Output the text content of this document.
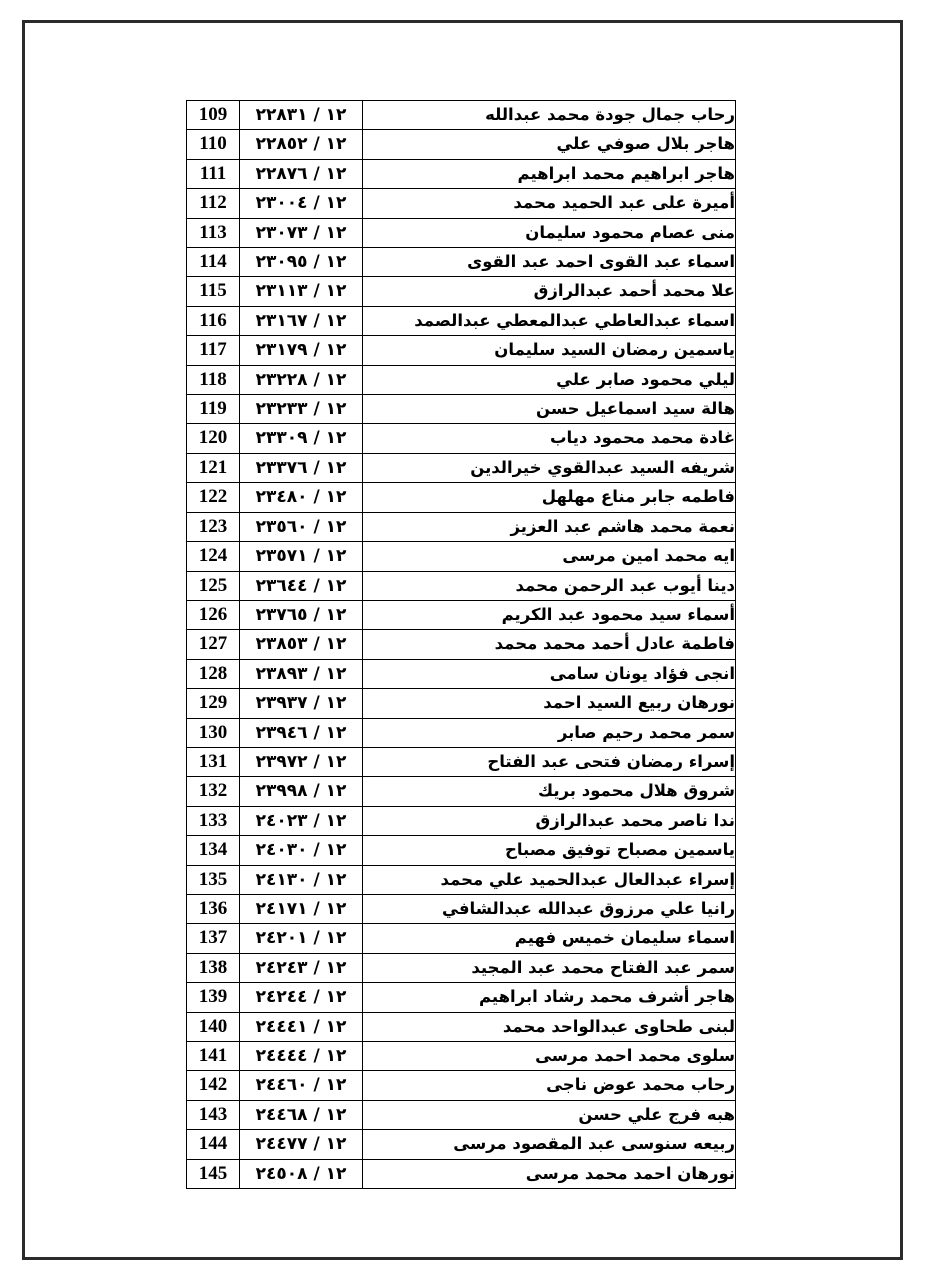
رحاب جمال جودة محمد عبدالله	١٢ / ٢٢٨٣١	109
هاجر بلال صوفي علي	١٢ / ٢٢٨٥٢	110
هاجر ابراهيم محمد ابراهيم	١٢ / ٢٢٨٧٦	111
أميرة على عبد الحميد محمد	١٢ / ٢٣٠٠٤	112
منى عصام محمود سليمان	١٢ / ٢٣٠٧٣	113
اسماء عبد القوى احمد عبد القوى	١٢ / ٢٣٠٩٥	114
علا محمد أحمد عبدالرازق	١٢ / ٢٣١١٣	115
اسماء عبدالعاطي عبدالمعطي عبدالصمد	١٢ / ٢٣١٦٧	116
ياسمين رمضان السيد سليمان	١٢ / ٢٣١٧٩	117
ليلي محمود صابر علي	١٢ / ٢٣٢٢٨	118
هالة سيد اسماعيل حسن	١٢ / ٢٣٢٣٣	119
غادة محمد محمود دياب	١٢ / ٢٣٣٠٩	120
شريفه السيد عبدالقوي خيرالدين	١٢ / ٢٣٣٧٦	121
فاطمه جابر مناع مهلهل	١٢ / ٢٣٤٨٠	122
نعمة محمد هاشم عبد العزيز	١٢ / ٢٣٥٦٠	123
ايه محمد امين مرسى	١٢ / ٢٣٥٧١	124
دينا أيوب عبد الرحمن محمد	١٢ / ٢٣٦٤٤	125
أسماء سيد محمود عبد الكريم	١٢ / ٢٣٧٦٥	126
فاطمة عادل أحمد محمد محمد	١٢ / ٢٣٨٥٣	127
انجى فؤاد يونان سامى	١٢ / ٢٣٨٩٣	128
نورهان ربيع السيد احمد	١٢ / ٢٣٩٣٧	129
سمر محمد رحيم صابر	١٢ / ٢٣٩٤٦	130
إسراء رمضان فتحى عبد الفتاح	١٢ / ٢٣٩٧٢	131
شروق هلال محمود بريك	١٢ / ٢٣٩٩٨	132
ندا ناصر محمد عبدالرازق	١٢ / ٢٤٠٢٣	133
ياسمين مصباح توفيق مصباح	١٢ / ٢٤٠٣٠	134
إسراء عبدالعال عبدالحميد علي محمد	١٢ / ٢٤١٣٠	135
رانيا علي مرزوق عبدالله عبدالشافي	١٢ / ٢٤١٧١	136
اسماء سليمان خميس فهيم	١٢ / ٢٤٢٠١	137
سمر عبد الفتاح محمد عبد المجيد	١٢ / ٢٤٢٤٣	138
هاجر أشرف محمد رشاد ابراهيم	١٢ / ٢٤٢٤٤	139
لبنى طحاوى عبدالواحد محمد	١٢ / ٢٤٤٤١	140
سلوى محمد احمد مرسى	١٢ / ٢٤٤٤٤	141
رحاب محمد عوض ناجى	١٢ / ٢٤٤٦٠	142
هبه فرج علي حسن	١٢ / ٢٤٤٦٨	143
ربيعه سنوسى عبد المقصود مرسى	١٢ / ٢٤٤٧٧	144
نورهان احمد محمد مرسى	١٢ / ٢٤٥٠٨	145
